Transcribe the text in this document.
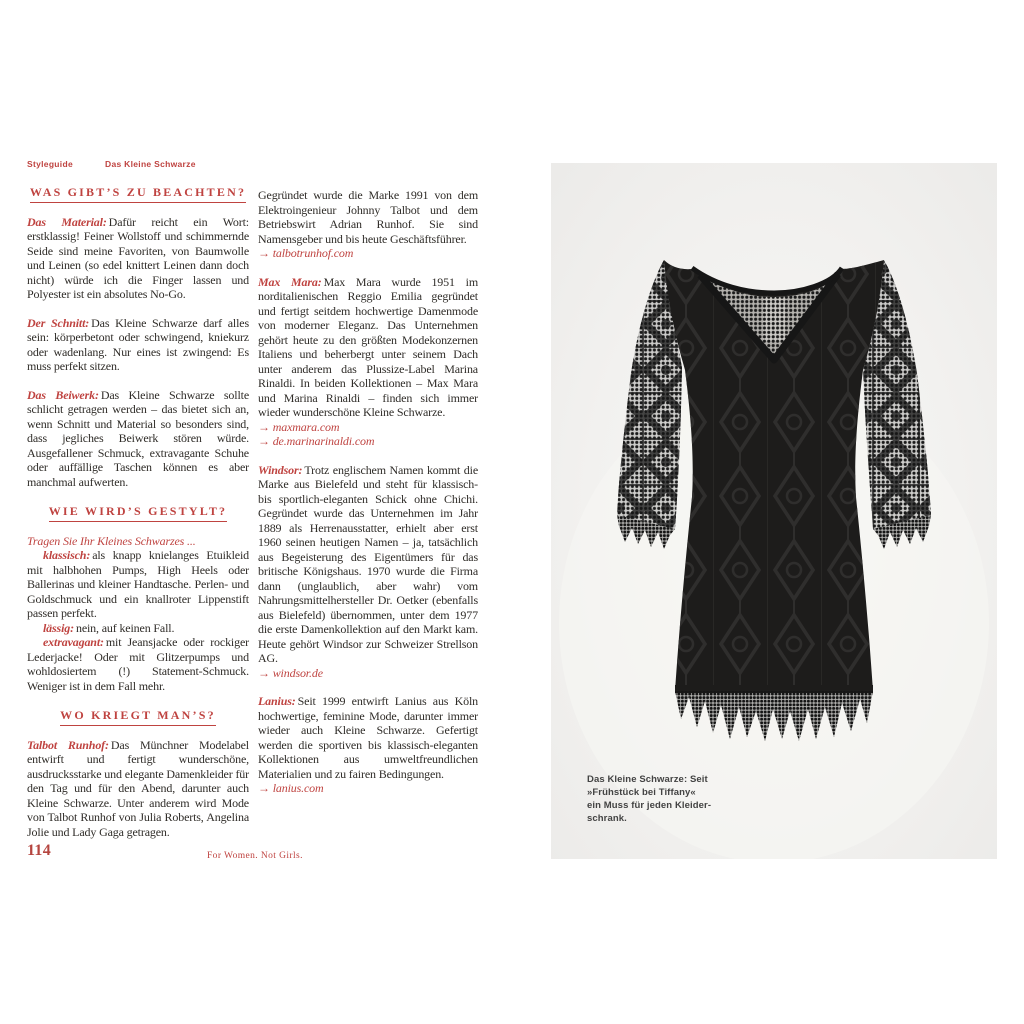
Styleguide	Das Kleine Schwarze
WAS GIBT’S ZU BEACHTEN?

Das Material: Dafür reicht ein Wort: erstklassig! Feiner Wollstoff und schimmernde Seide sind meine Favoriten, von Baumwolle und Leinen (so edel knittert Leinen dann doch nicht) würde ich die Finger lassen und Polyester ist ein absolutes No-Go.

Der Schnitt: Das Kleine Schwarze darf alles sein: körperbetont oder schwingend, kniekurz oder wadenlang. Nur eines ist zwingend: Es muss perfekt sitzen.

Das Beiwerk: Das Kleine Schwarze sollte schlicht getragen werden – das bietet sich an, wenn Schnitt und Material so besonders sind, dass jegliches Beiwerk stören würde. Ausgefallener Schmuck, extravagante Schuhe oder auffällige Taschen können es aber manchmal aufwerten.

WIE WIRD’S GESTYLT?

Tragen Sie Ihr Kleines Schwarzes ...

klassisch: als knapp knielanges Etuikleid mit halbhohen Pumps, High Heels oder Ballerinas und kleiner Handtasche. Perlen- und Goldschmuck und ein knallroter Lippenstift passen perfekt.

lässig: nein, auf keinen Fall.

extravagant: mit Jeansjacke oder rockiger Lederjacke! Oder mit Glitzerpumps und wohldosiertem (!) Statement-Schmuck. Weniger ist in dem Fall mehr.

WO KRIEGT MAN’S?

Talbot Runhof: Das Münchner Modelabel entwirft und fertigt wunderschöne, ausdrucksstarke und elegante Damenkleider für den Tag und für den Abend, darunter auch Kleine Schwarze. Unter anderem wird Mode von Talbot Runhof von Julia Roberts, Angelina Jolie und Lady Gaga getragen.

Gegründet wurde die Marke 1991 von dem Elektroingenieur Johnny Talbot und dem Betriebswirt Adrian Runhof. Sie sind Namensgeber und bis heute Geschäftsführer.

→ talbotrunhof.com

Max Mara: Max Mara wurde 1951 im norditalienischen Reggio Emilia gegründet und fertigt seitdem hochwertige Damenmode von moderner Eleganz. Das Unternehmen gehört heute zu den größten Modekonzernen Italiens und beherbergt unter seinem Dach unter anderem das Plussize-Label Marina Rinaldi. In beiden Kollektionen – Max Mara und Marina Rinaldi – finden sich immer wieder wunderschöne Kleine Schwarze.

→ maxmara.com

→ de.marinarinaldi.com

Windsor: Trotz englischem Namen kommt die Marke aus Bielefeld und steht für klassisch- bis sportlich-eleganten Schick ohne Chichi. Gegründet wurde das Unternehmen im Jahr 1889 als Herrenausstatter, erhielt aber erst 1960 seinen heutigen Namen – ja, tatsächlich aus Begeisterung des Eigentümers für das britische Königshaus. 1970 wurde die Firma dann (unglaublich, aber wahr) vom Nahrungsmittelhersteller Dr. Oetker (ebenfalls aus Bielefeld) übernommen, unter dem 1977 die erste Damenkollektion auf den Markt kam. Heute gehört Windsor zur Schweizer Strellson AG.

→ windsor.de

Lanius: Seit 1999 entwirft Lanius aus Köln hochwertige, feminine Mode, darunter immer wieder auch Kleine Schwarze. Gefertigt werden die sportiven bis klassisch-eleganten Kollektionen aus umweltfreundlichen Materialien und zu fairen Bedingungen.

→ lanius.com

Das Kleine Schwarze: Seit
»Frühstück bei Tiffany«
ein Muss für jeden Kleider-
schrank.
114	For Women. Not Girls.
